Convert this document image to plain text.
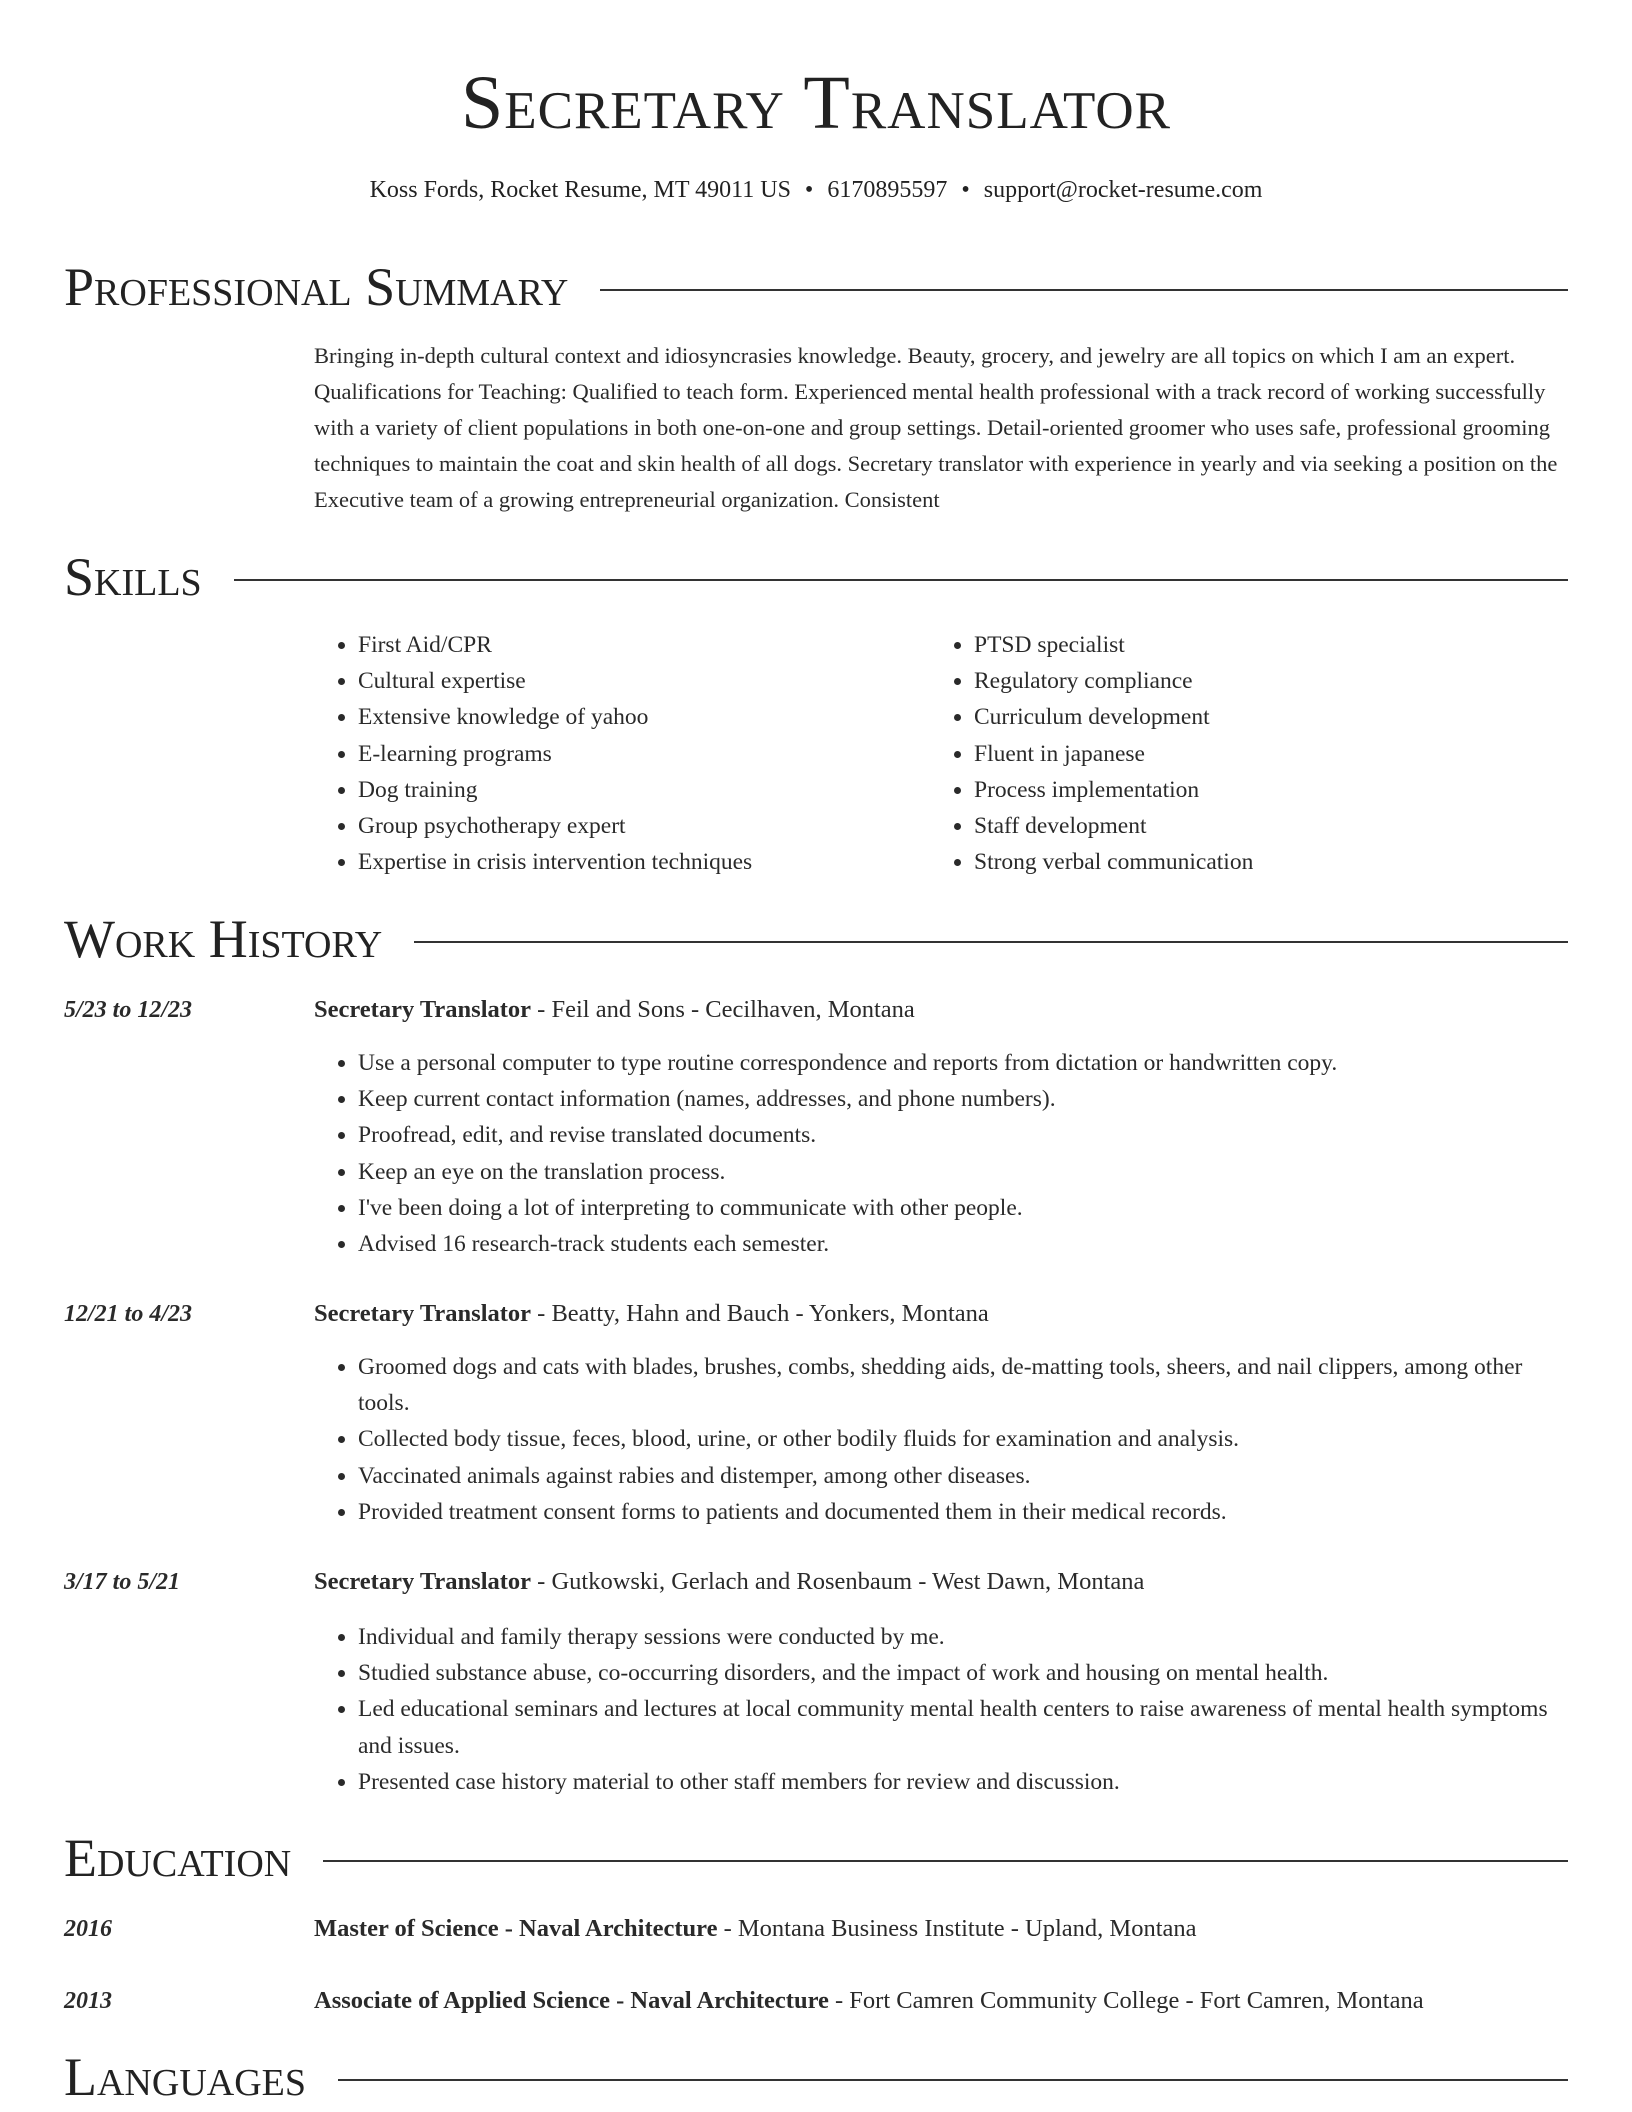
Secretary Translator
Koss Fords, Rocket Resume, MT 49011 US • 6170895597 • support@rocket-resume.com
Professional Summary
Bringing in-depth cultural context and idiosyncrasies knowledge. Beauty, grocery, and jewelry are all topics on which I am an expert. Qualifications for Teaching: Qualified to teach form. Experienced mental health professional with a track record of working successfully with a variety of client populations in both one-on-one and group settings. Detail-oriented groomer who uses safe, professional grooming techniques to maintain the coat and skin health of all dogs. Secretary translator with experience in yearly and via seeking a position on the Executive team of a growing entrepreneurial organization. Consistent
Skills
• First Aid/CPR
• Cultural expertise
• Extensive knowledge of yahoo
• E-learning programs
• Dog training
• Group psychotherapy expert
• Expertise in crisis intervention techniques
• PTSD specialist
• Regulatory compliance
• Curriculum development
• Fluent in japanese
• Process implementation
• Staff development
• Strong verbal communication
Work History
5/23 to 12/23	Secretary Translator - Feil and Sons - Cecilhaven, Montana
• Use a personal computer to type routine correspondence and reports from dictation or handwritten copy.
• Keep current contact information (names, addresses, and phone numbers).
• Proofread, edit, and revise translated documents.
• Keep an eye on the translation process.
• I've been doing a lot of interpreting to communicate with other people.
• Advised 16 research-track students each semester.
12/21 to 4/23	Secretary Translator - Beatty, Hahn and Bauch - Yonkers, Montana
• Groomed dogs and cats with blades, brushes, combs, shedding aids, de-matting tools, sheers, and nail clippers, among other tools.
• Collected body tissue, feces, blood, urine, or other bodily fluids for examination and analysis.
• Vaccinated animals against rabies and distemper, among other diseases.
• Provided treatment consent forms to patients and documented them in their medical records.
3/17 to 5/21	Secretary Translator - Gutkowski, Gerlach and Rosenbaum - West Dawn, Montana
• Individual and family therapy sessions were conducted by me.
• Studied substance abuse, co-occurring disorders, and the impact of work and housing on mental health.
• Led educational seminars and lectures at local community mental health centers to raise awareness of mental health symptoms and issues.
• Presented case history material to other staff members for review and discussion.
Education
2016	Master of Science - Naval Architecture - Montana Business Institute - Upland, Montana
2013	Associate of Applied Science - Naval Architecture - Fort Camren Community College - Fort Camren, Montana
Languages
